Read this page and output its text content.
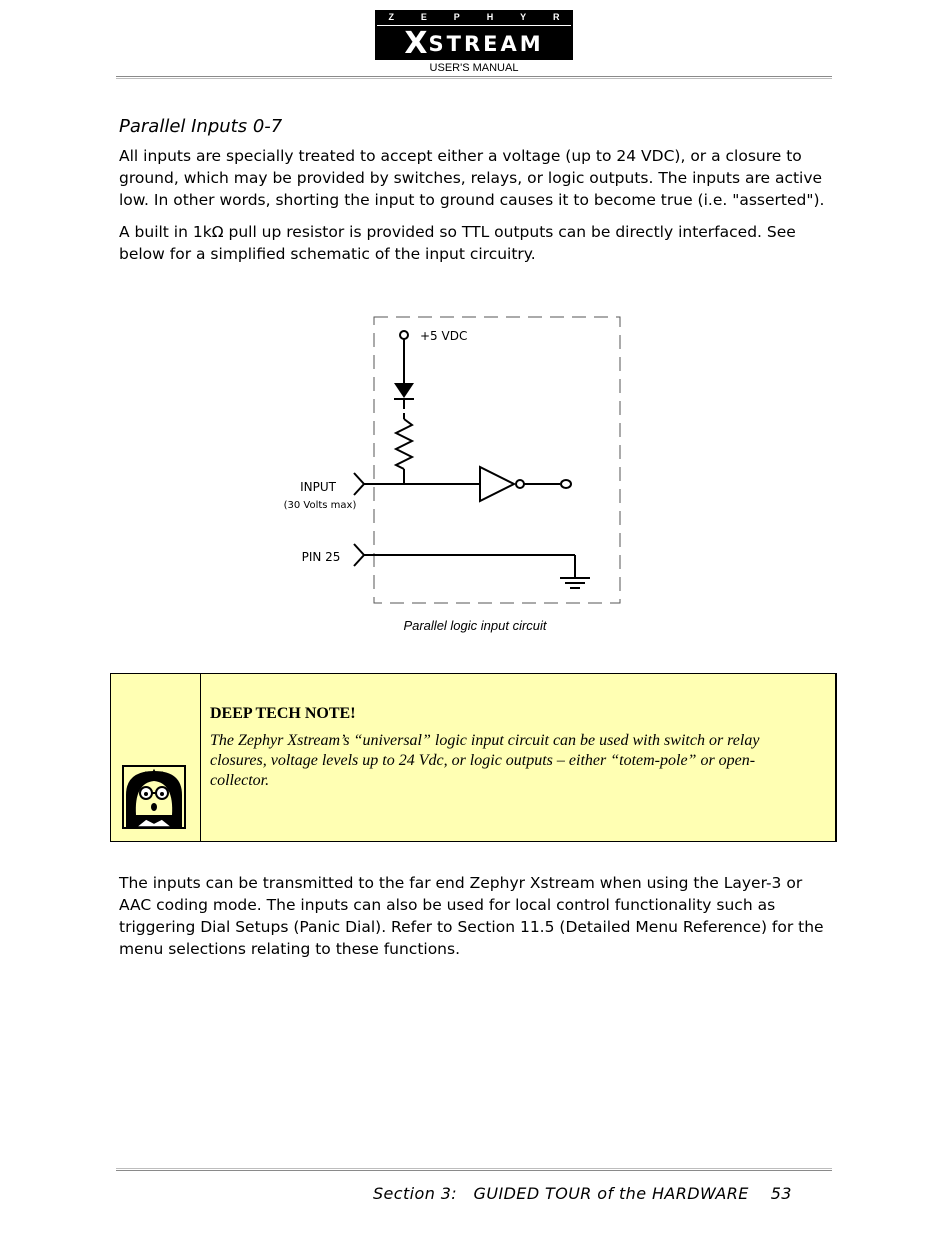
Z	E	P	H	Y	R
X STREAM
USER'S MANUAL
Parallel Inputs 0-7
All inputs are specially treated to accept either a voltage (up to 24 VDC), or a closure to ground, which may be provided by switches, relays, or logic outputs. The inputs are active low. In other words, shorting the input to ground causes it to become true (i.e. "asserted").
A built in 1kΩ pull up resistor is provided so TTL outputs can be directly interfaced. See below for a simplified schematic of the input circuitry.
+5 VDC
INPUT
(30 Volts max)
PIN 25
Parallel logic input circuit
DEEP TECH NOTE!
The Zephyr Xstream’s “universal” logic input circuit can be used with switch or relay closures, voltage levels up to 24 Vdc, or logic outputs – either “totem-pole” or open-collector.
The inputs can be transmitted to the far end Zephyr Xstream when using the Layer-3 or AAC coding mode. The inputs can also be used for local control functionality such as triggering Dial Setups (Panic Dial). Refer to Section 11.5 (Detailed Menu Reference) for the menu selections relating to these functions.
Section 3:   GUIDED TOUR of the HARDWARE    53
